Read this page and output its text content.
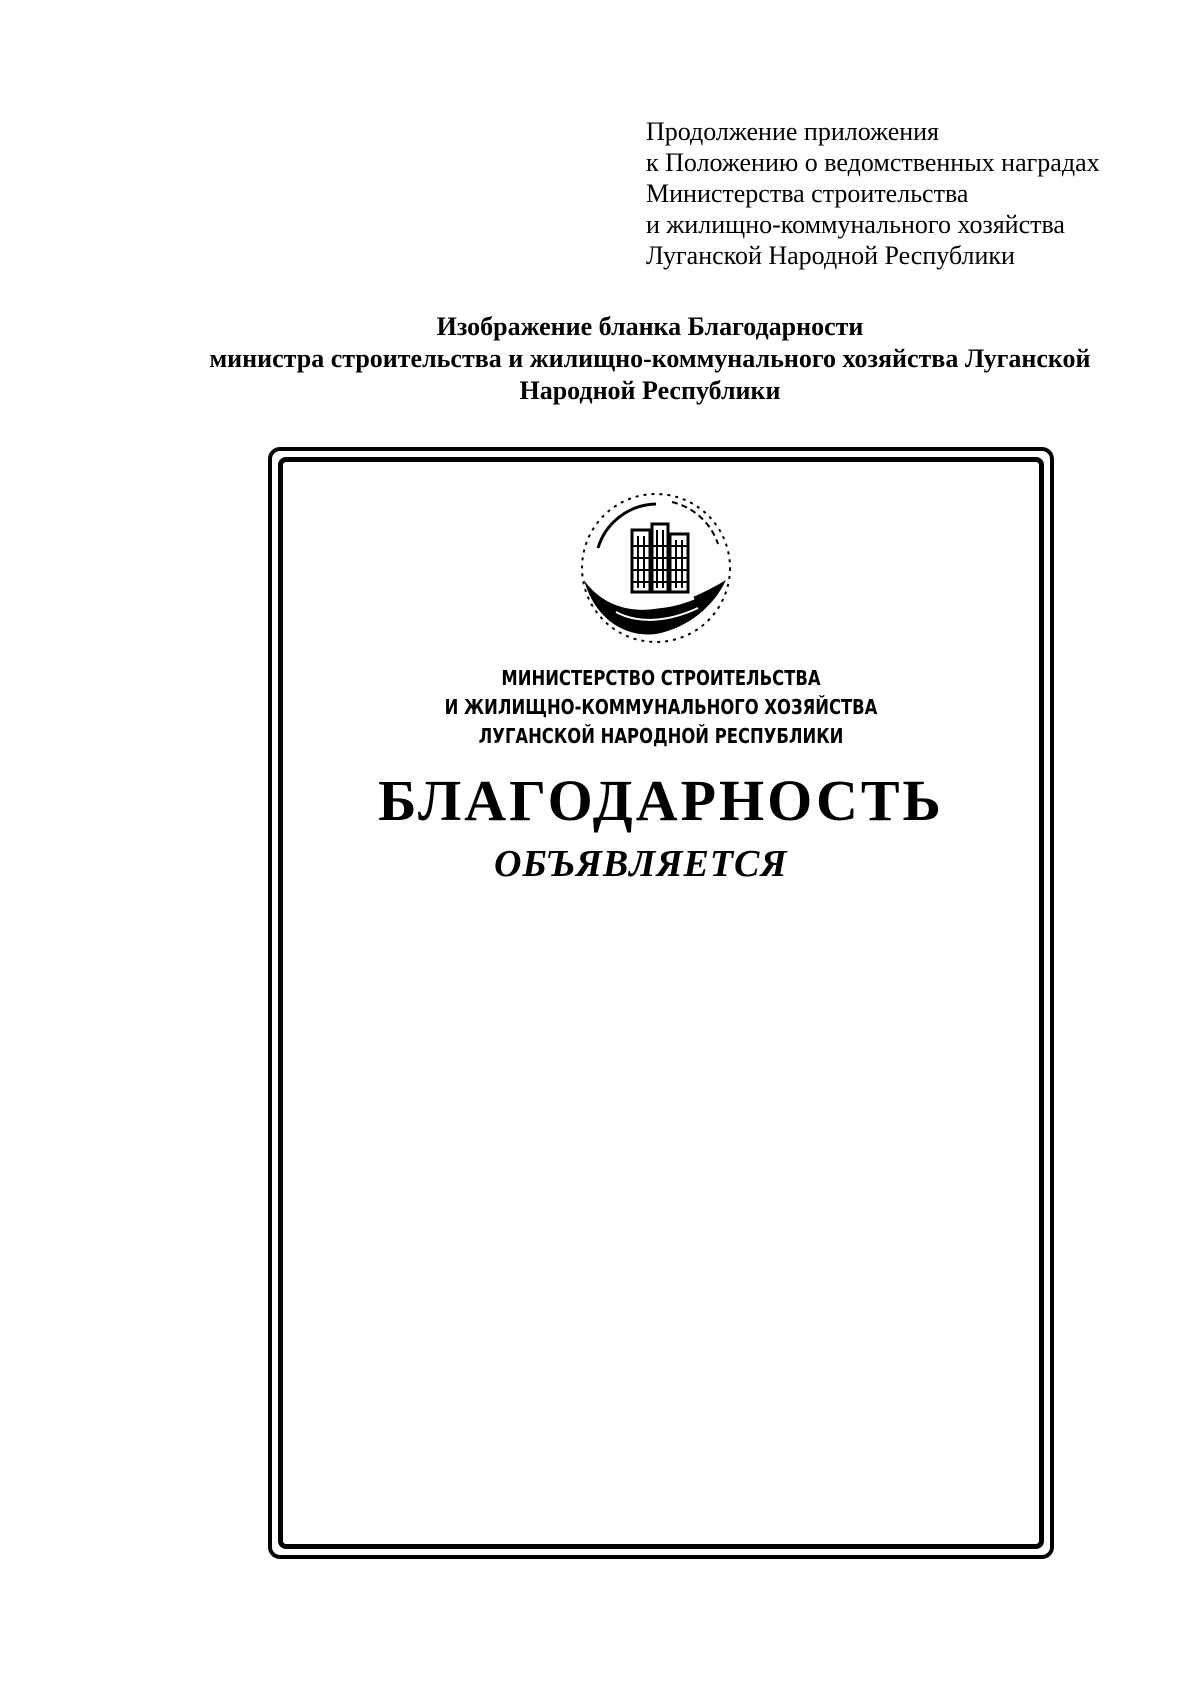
Продолжение приложения
к Положению о ведомственных наградах
Министерства строительства
и жилищно-коммунального хозяйства
Луганской Народной Республики
Изображение бланка Благодарности
министра строительства и жилищно-коммунального хозяйства Луганской
Народной Республики
МИНИСТЕРСТВО СТРОИТЕЛЬСТВА
И ЖИЛИЩНО-КОММУНАЛЬНОГО ХОЗЯЙСТВА
ЛУГАНСКОЙ НАРОДНОЙ РЕСПУБЛИКИ
БЛАГОДАРНОСТЬ
ОБЪЯВЛЯЕТСЯ
